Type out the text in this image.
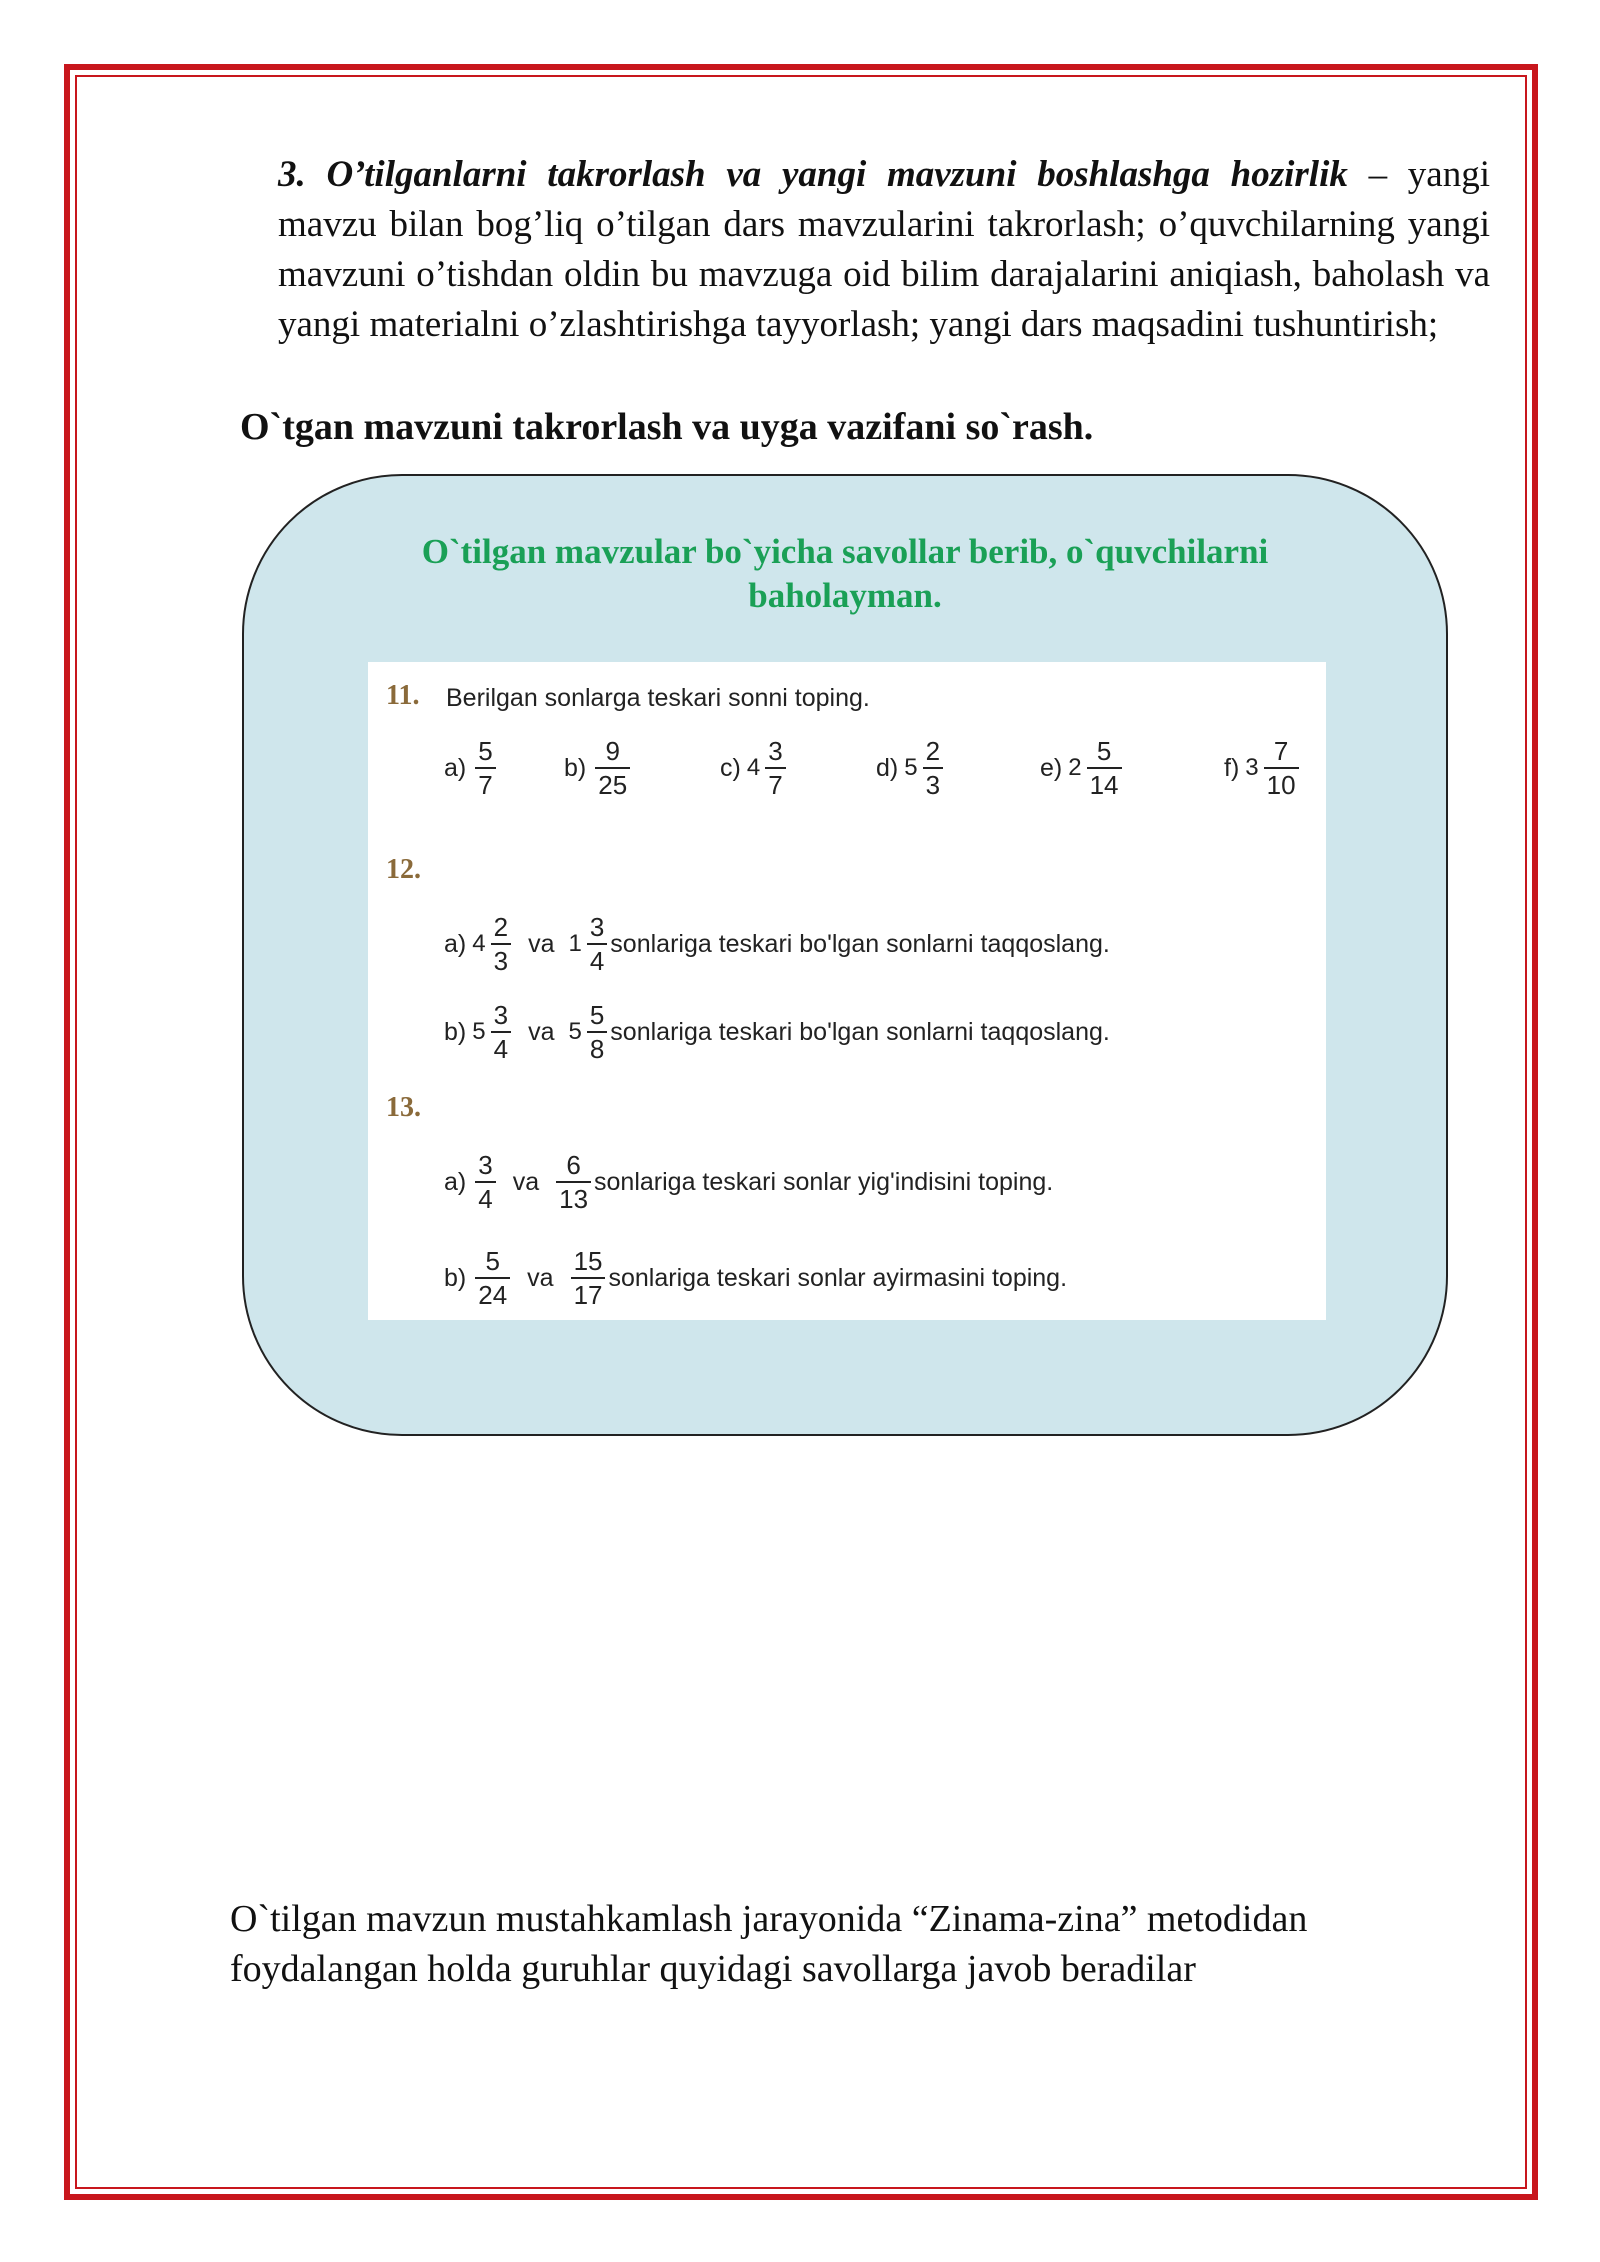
3. O’tilganlarni takrorlash va yangi mavzuni boshlashga hozirlik – yangi mavzu bilan bog’liq o’tilgan dars mavzularini takrorlash; o’quvchilarning yangi mavzuni o’tishdan oldin bu mavzuga oid bilim darajalarini aniqiash, baholash va yangi materialni o’zlashtirishga tayyorlash; yangi dars maqsadini tushuntirish;

O`tgan mavzuni takrorlash va uyga vazifani so`rash.
O`tilgan mavzular bo`yicha savollar berib, o`quvchilarni baholayman.
11. Berilgan sonlarga teskari sonni toping.
$a) \frac{5}{7}$	$b) \frac{9}{25}$	c) $4 \frac{3}{7}$	d) $5 \frac{2}{3}$	e) $2 \frac{5}{14}$	f) $3 \frac{7}{10}$
12.
a) $4 \frac{2}{3}$ va $1 \frac{3}{4}$ sonlariga teskari bo'lgan sonlarni taqqoslang.
b) $5 \frac{3}{4}$ va $5 \frac{5}{8}$ sonlariga teskari bo'lgan sonlarni taqqoslang.
13.
$a) \frac{3}{4}$ va $\frac{6}{13}$ sonlariga teskari sonlar yig'indisini toping.
$b) \frac{5}{24}$ va $\frac{15}{17}$ sonlariga teskari sonlar ayirmasini toping.

O`tilgan mavzun mustahkamlash jarayonida “Zinama-zina” metodidan foydalangan holda guruhlar quyidagi savollarga javob beradilar
